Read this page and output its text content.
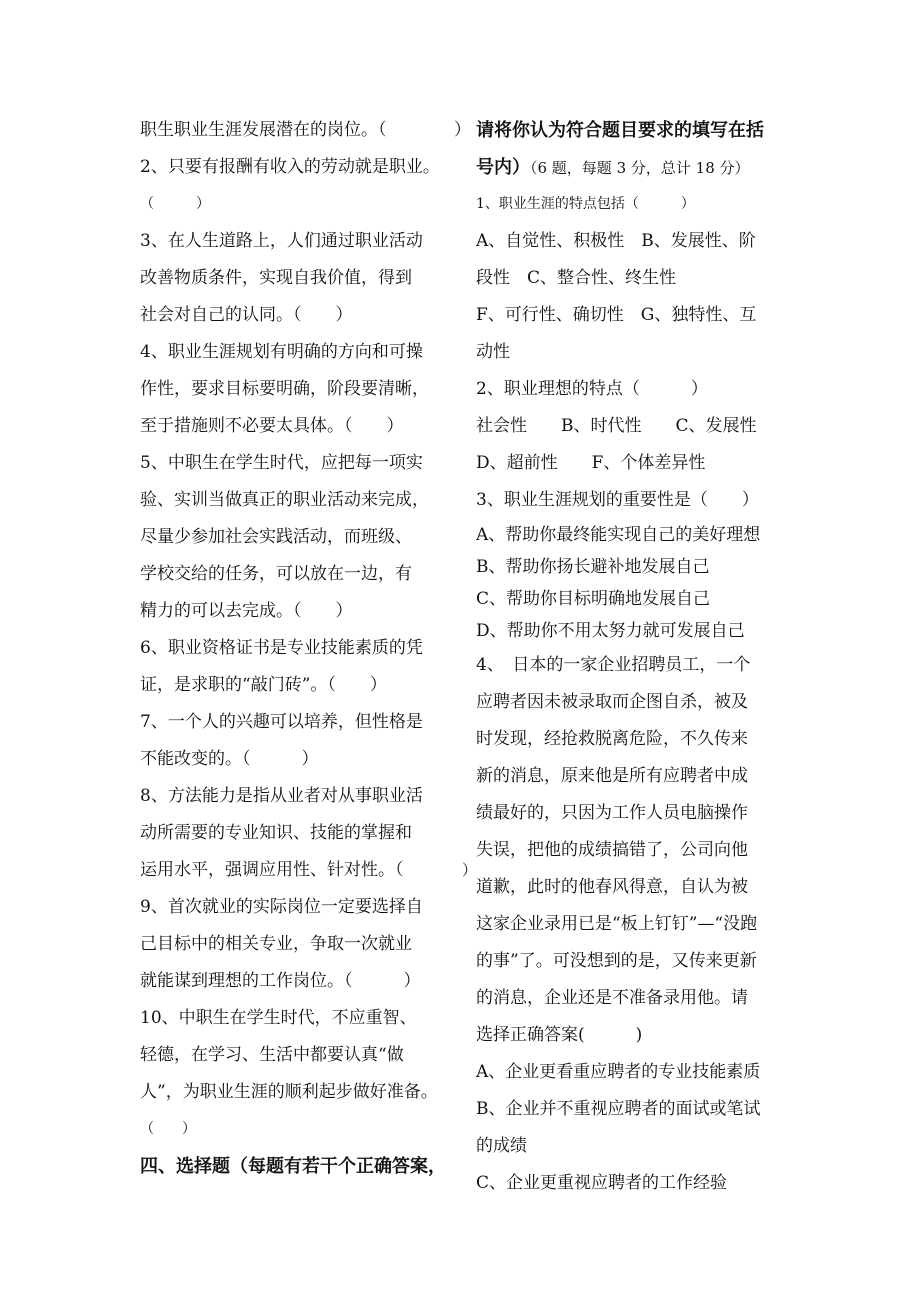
职生职业生涯发展潜在的岗位。（
2、只要有报酬有收入的劳动就是职业。
（　　　）
3、在人生道路上，人们通过职业活动
改善物质条件，实现自我价值，得到
社会对自己的认同。（　　）
4、职业生涯规划有明确的方向和可操
作性，要求目标要明确，阶段要清晰，
至于措施则不必要太具体。（　　）
5、中职生在学生时代，应把每一项实
验、实训当做真正的职业活动来完成，
尽量少参加社会实践活动，而班级、
学校交给的任务，可以放在一边，有
精力的可以去完成。（　　）
6、职业资格证书是专业技能素质的凭
证，是求职的“敲门砖”。（　　）
7、一个人的兴趣可以培养，但性格是
不能改变的。（　　　）
8、方法能力是指从业者对从事职业活
动所需要的专业知识、技能的掌握和
运用水平，强调应用性、针对性。（
9、首次就业的实际岗位一定要选择自
己目标中的相关专业，争取一次就业
就能谋到理想的工作岗位。（　　　）
10、中职生在学生时代，不应重智、
轻德，在学习、生活中都要认真“做
人”，为职业生涯的顺利起步做好准备。
（　　）
四、选择题（每题有若干个正确答案，
请将你认为符合题目要求的填写在括
号内）（6 题，每题 3 分，总计 18 分）
1、职业生涯的特点包括（　　　）
A、自觉性、积极性　B、发展性、阶
段性　C、整合性、终生性
F、可行性、确切性　G、独特性、互
动性
2、职业理想的特点（　　　）
社会性　　B、时代性　　C、发展性
D、超前性　　F、个体差异性
3、职业生涯规划的重要性是（　　）
A、帮助你最终能实现自己的美好理想
B、帮助你扬长避补地发展自己
C、帮助你目标明确地发展自己
D、帮助你不用太努力就可发展自己
4、　日本的一家企业招聘员工，一个
应聘者因未被录取而企图自杀，被及
时发现，经抢救脱离危险，不久传来
新的消息，原来他是所有应聘者中成
绩最好的，只因为工作人员电脑操作
失误，把他的成绩搞错了，公司向他
道歉，此时的他春风得意，自认为被
这家企业录用已是“板上钉钉”—“没跑
的事”了。可没想到的是，又传来更新
的消息，企业还是不准备录用他。请
选择正确答案(　　　)
A、企业更看重应聘者的专业技能素质
B、企业并不重视应聘者的面试或笔试
的成绩
C、企业更重视应聘者的工作经验
）
）
